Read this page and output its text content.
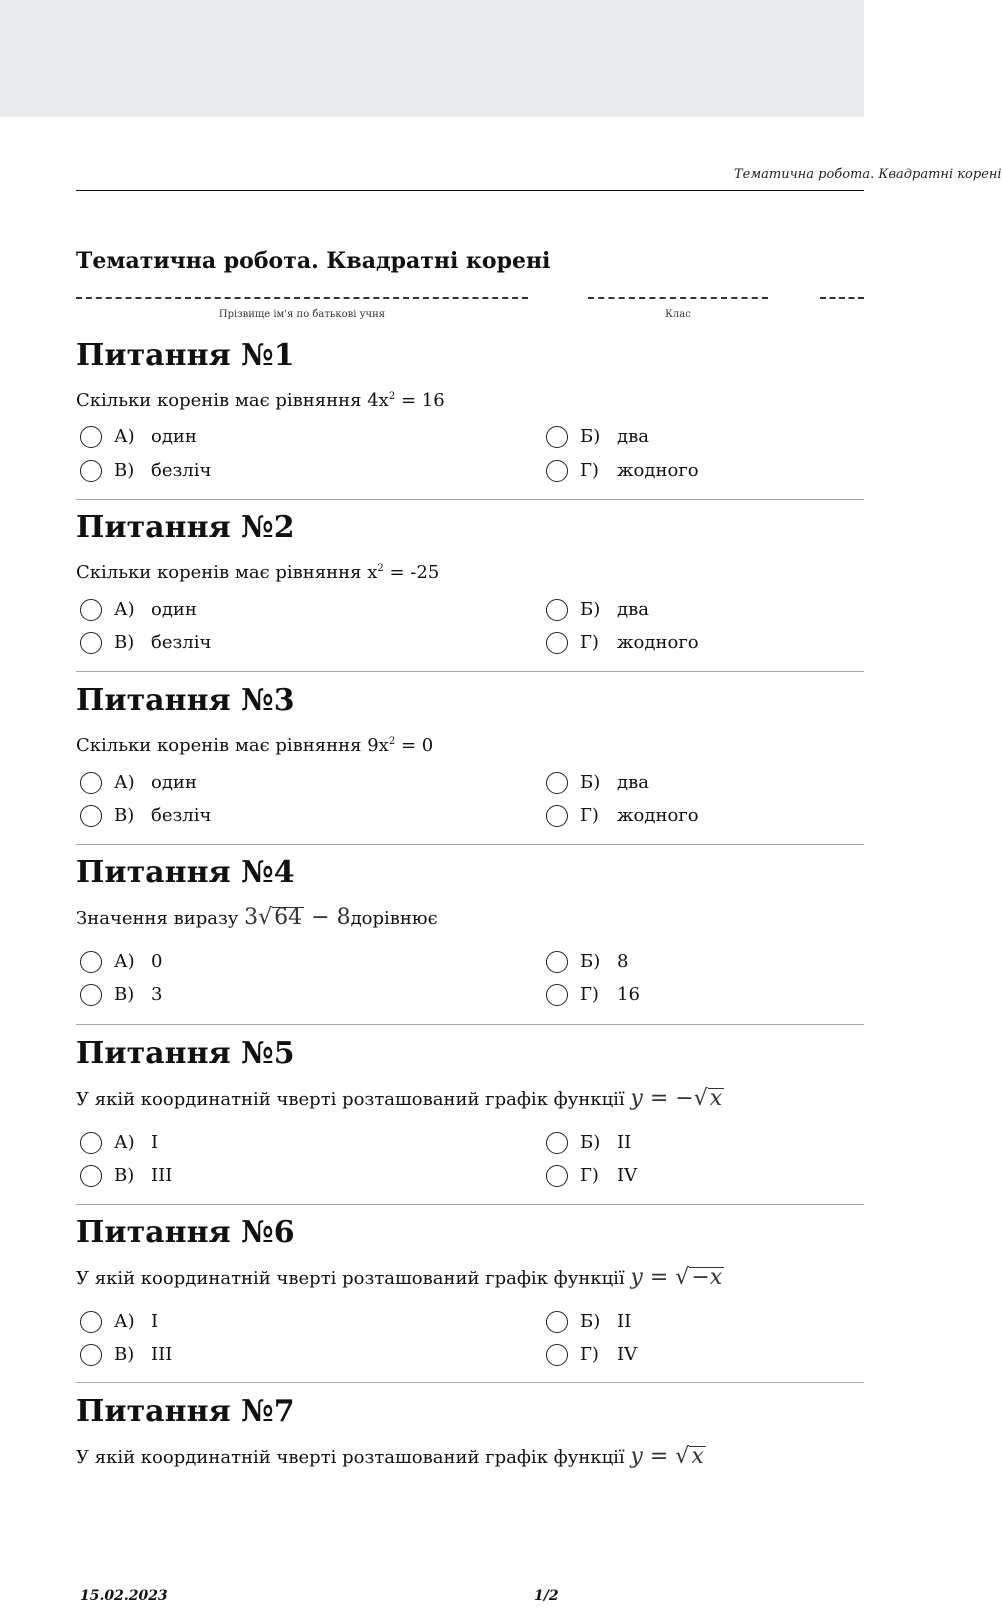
Тематична робота. Квадратні корені
Тематична робота. Квадратні корені
Прізвище ім'я по батькові учня	Клас
Питання №1
Скільки коренів має рівняння $4x^2 = 16$
А) один	Б) два
В) безліч	Г) жодного
Питання №2
Скільки коренів має рівняння $x^2 = -25$
А) один	Б) два
В) безліч	Г) жодного
Питання №3
Скільки коренів має рівняння $9x^2 = 0$
А) один	Б) два
В) безліч	Г) жодного
Питання №4
Значення виразу 3√64 − 8дорівнює
А) 0	Б) 8
В) 3	Г) 16
Питання №5
У якій координатній чверті розташований графік функції y = −√x
А) I	Б) II
В) III	Г) IV
Питання №6
У якій координатній чверті розташований графік функції y = √−x
А) I	Б) II
В) III	Г) IV
Питання №7
У якій координатній чверті розташований графік функції y = √x
15.02.2023	1/2
